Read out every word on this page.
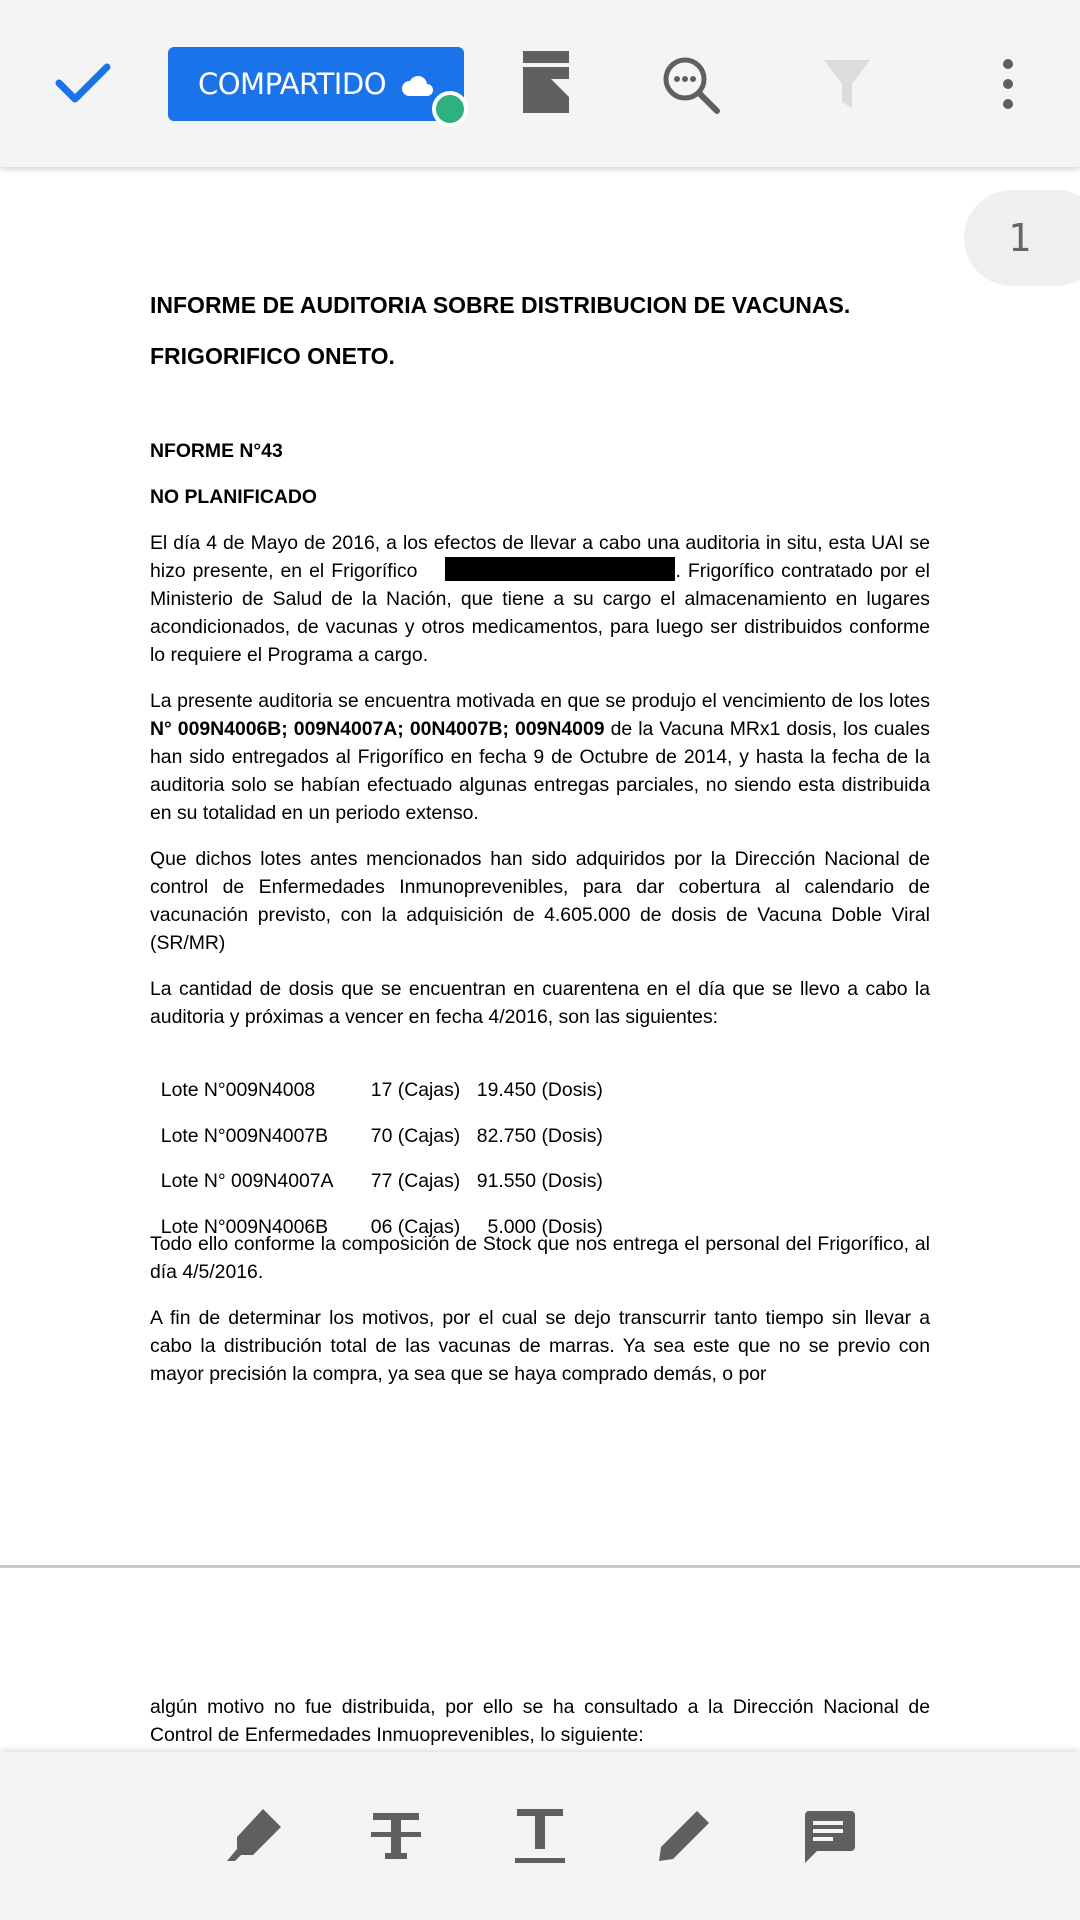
COMPARTIDO
1
INFORME DE AUDITORIA SOBRE DISTRIBUCION DE VACUNAS.
FRIGORIFICO ONETO.
NFORME N°43
NO PLANIFICADO
El día 4 de Mayo de 2016, a los efectos de llevar a cabo una auditoria in situ, esta UAI se hizo presente, en el Frigorífico	. Frigorífico contratado por el Ministerio de Salud de la Nación, que tiene a su cargo el almacenamiento en lugares acondicionados, de vacunas y otros medicamentos, para luego ser distribuidos conforme lo requiere el Programa a cargo.
La presente auditoria se encuentra motivada en que se produjo el vencimiento de los lotes N° 009N4006B; 009N4007A; 00N4007B; 009N4009 de la Vacuna MRx1 dosis, los cuales han sido entregados al Frigorífico en fecha 9 de Octubre de 2014, y hasta la fecha de la auditoria solo se habían efectuado algunas entregas parciales, no siendo esta distribuida en su totalidad en un periodo extenso.
Que dichos lotes antes mencionados han sido adquiridos por la Dirección Nacional de control de Enfermedades Inmunoprevenibles, para dar cobertura al calendario de vacunación previsto, con la adquisición de 4.605.000 de dosis de Vacuna Doble Viral (SR/MR)
La cantidad de dosis que se encuentran en cuarentena en el día que se llevo a cabo la auditoria y próximas a vencer en fecha 4/2016, son las siguientes:

Lote N°009N4008	17 (Cajas) 19.450 (Dosis)

Lote N°009N4007B 70 (Cajas) 82.750 (Dosis)

Lote N° 009N4007A 77 (Cajas) 91.550 (Dosis)

Lote N°009N4006B 06 (Cajas)  5.000 (Dosis)

Todo ello conforme la composición de Stock que nos entrega el personal del Frigorífico, al día 4/5/2016.
A fin de determinar los motivos, por el cual se dejo transcurrir tanto tiempo sin llevar a cabo la distribución total de las vacunas de marras. Ya sea este que no se previo con mayor precisión la compra, ya sea que se haya comprado demás, o por
algún motivo no fue distribuida, por ello se ha consultado a la Dirección Nacional de Control de Enfermedades Inmuoprevenibles, lo siguiente:
